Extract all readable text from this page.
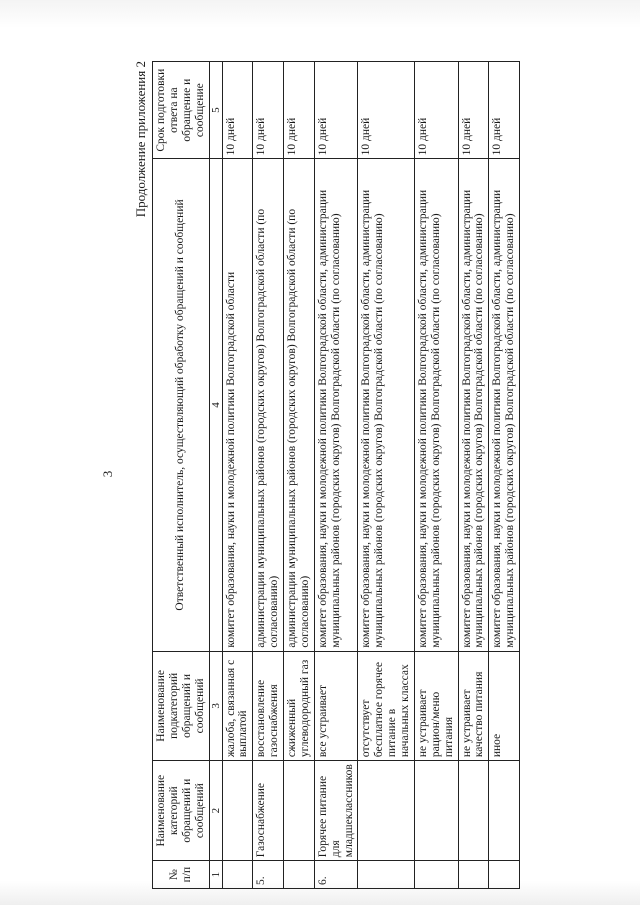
3
Продолжение приложения 2
№ п/п	Наименование категорий обращений и сообщений	Наименование подкатегорий обращений и сообщений	Ответственный исполнитель, осуществляющий обработку обращений и сообщений	Срок подготовки ответа на обращение и сообщение
1	2	3	4	5
		жалоба, связанная с выплатой	комитет образования, науки и молодежной политики Волгоградской области	10 дней
5.	Газоснабжение	восстановление газоснабжения	администрации муниципальных районов (городских округов) Волгоградской области (по согласованию)	10 дней
		сжиженный углеводородный газ	администрации муниципальных районов (городских округов) Волгоградской области (по согласованию)	10 дней
6.	Горячее питание для младшеклассников	все устраивает	комитет образования, науки и молодежной политики Волгоградской области, администрации муниципальных районов (городских округов) Волгоградской области (по согласованию)	10 дней
		отсутствует бесплатное горячее питание в начальных классах	комитет образования, науки и молодежной политики Волгоградской области, администрации муниципальных районов (городских округов) Волгоградской области (по согласованию)	10 дней
		не устраивает рацион/меню питания	комитет образования, науки и молодежной политики Волгоградской области, администрации муниципальных районов (городских округов) Волгоградской области (по согласованию)	10 дней
		не устраивает качество питания	комитет образования, науки и молодежной политики Волгоградской области, администрации муниципальных районов (городских округов) Волгоградской области (по согласованию)	10 дней
		иное	комитет образования, науки и молодежной политики Волгоградской области, администрации муниципальных районов (городских округов) Волгоградской области (по согласованию)	10 дней
